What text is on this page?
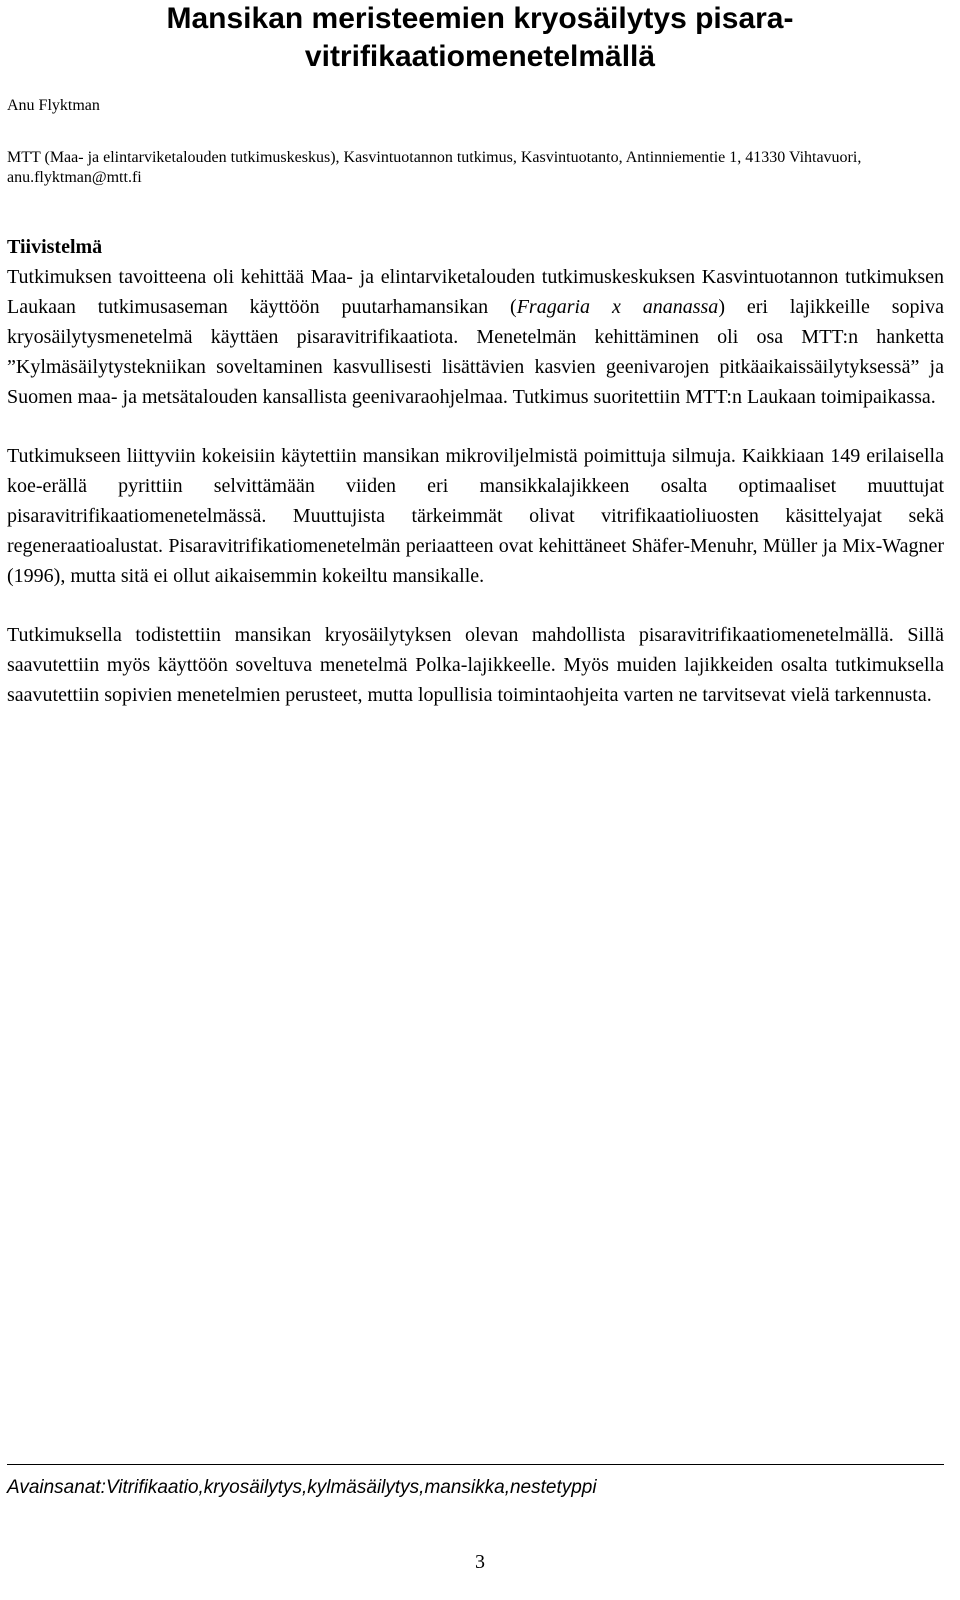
Mansikan meristeemien kryosäilytys pisara-
vitrifikaatiomenetelmällä

Anu Flyktman

MTT (Maa- ja elintarviketalouden tutkimuskeskus), Kasvintuotannon tutkimus, Kasvintuotanto, Antinniementie 1, 41330 Vihtavuori, anu.flyktman@mtt.fi

Tiivistelmä

Tutkimuksen tavoitteena oli kehittää Maa- ja elintarviketalouden tutkimuskeskuksen Kasvintuotannon tutkimuksen Laukaan tutkimusaseman käyttöön puutarhamansikan (Fragaria x ananassa) eri lajikkeille sopiva kryosäilytysmenetelmä käyttäen pisaravitrifikaatiota. Menetelmän kehittäminen oli osa MTT:n hanketta ”Kylmäsäilytystekniikan soveltaminen kasvullisesti lisättävien kasvien geenivarojen pitkäaikaissäilytyksessä” ja Suomen maa- ja metsätalouden kansallista geenivaraohjelmaa. Tutkimus suoritettiin MTT:n Laukaan toimipaikassa.

Tutkimukseen liittyviin kokeisiin käytettiin mansikan mikroviljelmistä poimittuja silmuja. Kaikkiaan 149 erilaisella koe-erällä pyrittiin selvittämään viiden eri mansikkalajikkeen osalta optimaaliset muuttujat pisaravitrifikaatiomenetelmässä. Muuttujista tärkeimmät olivat vitrifikaatioliuosten käsittelyajat sekä regeneraatioalustat. Pisaravitrifikatiomenetelmän periaatteen ovat kehittäneet Shäfer-Menuhr, Müller ja Mix-Wagner (1996), mutta sitä ei ollut aikaisemmin kokeiltu mansikalle.

Tutkimuksella todistettiin mansikan kryosäilytyksen olevan mahdollista pisaravitrifikaatiomenetelmällä. Sillä saavutettiin myös käyttöön soveltuva menetelmä Polka-lajikkeelle. Myös muiden lajikkeiden osalta tutkimuksella saavutettiin sopivien menetelmien perusteet, mutta lopullisia toimintaohjeita varten ne tarvitsevat vielä tarkennusta.

Avainsanat:Vitrifikaatio,kryosäilytys,kylmäsäilytys,mansikka,nestetyppi

3
